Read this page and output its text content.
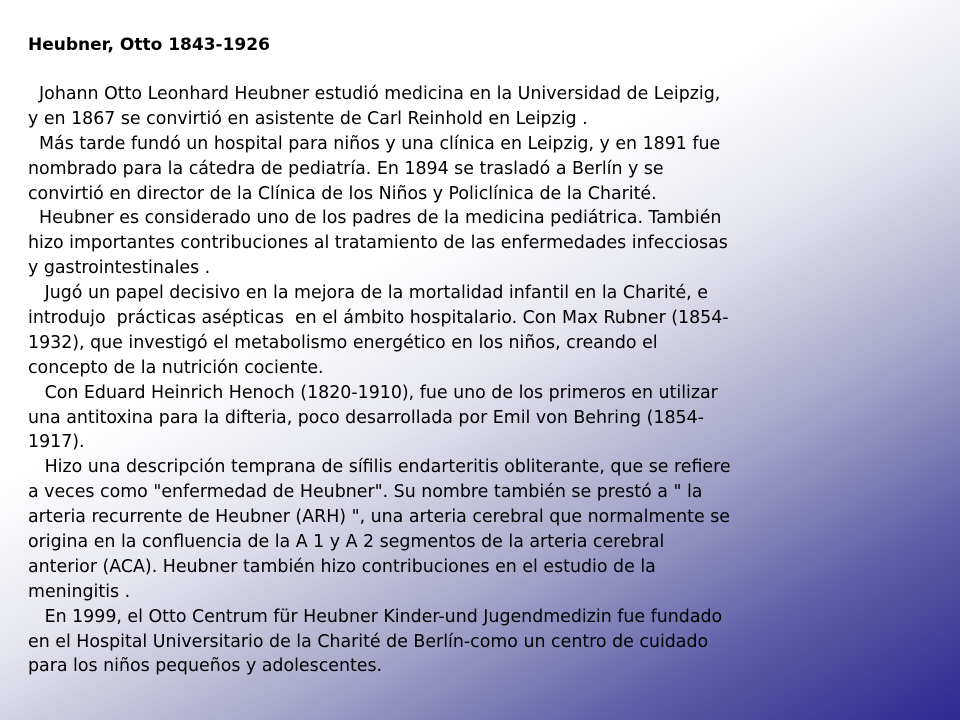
Heubner, Otto 1843-1926
Johann Otto Leonhard Heubner estudió medicina en la Universidad de Leipzig,
y en 1867 se convirtió en asistente de Carl Reinhold en Leipzig .
Más tarde fundó un hospital para niños y una clínica en Leipzig, y en 1891 fue
nombrado para la cátedra de pediatría. En 1894 se trasladó a Berlín y se
convirtió en director de la Clínica de los Niños y Policlínica de la Charité.
Heubner es considerado uno de los padres de la medicina pediátrica. También
hizo importantes contribuciones al tratamiento de las enfermedades infecciosas
y gastrointestinales .
Jugó un papel decisivo en la mejora de la mortalidad infantil en la Charité, e
introdujo  prácticas asépticas  en el ámbito hospitalario. Con Max Rubner (1854-
1932), que investigó el metabolismo energético en los niños, creando el
concepto de la nutrición cociente.
Con Eduard Heinrich Henoch (1820-1910), fue uno de los primeros en utilizar
una antitoxina para la difteria, poco desarrollada por Emil von Behring (1854-
1917).
Hizo una descripción temprana de sífilis endarteritis obliterante, que se refiere
a veces como "enfermedad de Heubner". Su nombre también se prestó a " la
arteria recurrente de Heubner (ARH) ", una arteria cerebral que normalmente se
origina en la confluencia de la A 1 y A 2 segmentos de la arteria cerebral
anterior (ACA). Heubner también hizo contribuciones en el estudio de la
meningitis .
En 1999, el Otto Centrum für Heubner Kinder-und Jugendmedizin fue fundado
en el Hospital Universitario de la Charité de Berlín-como un centro de cuidado
para los niños pequeños y adolescentes.
